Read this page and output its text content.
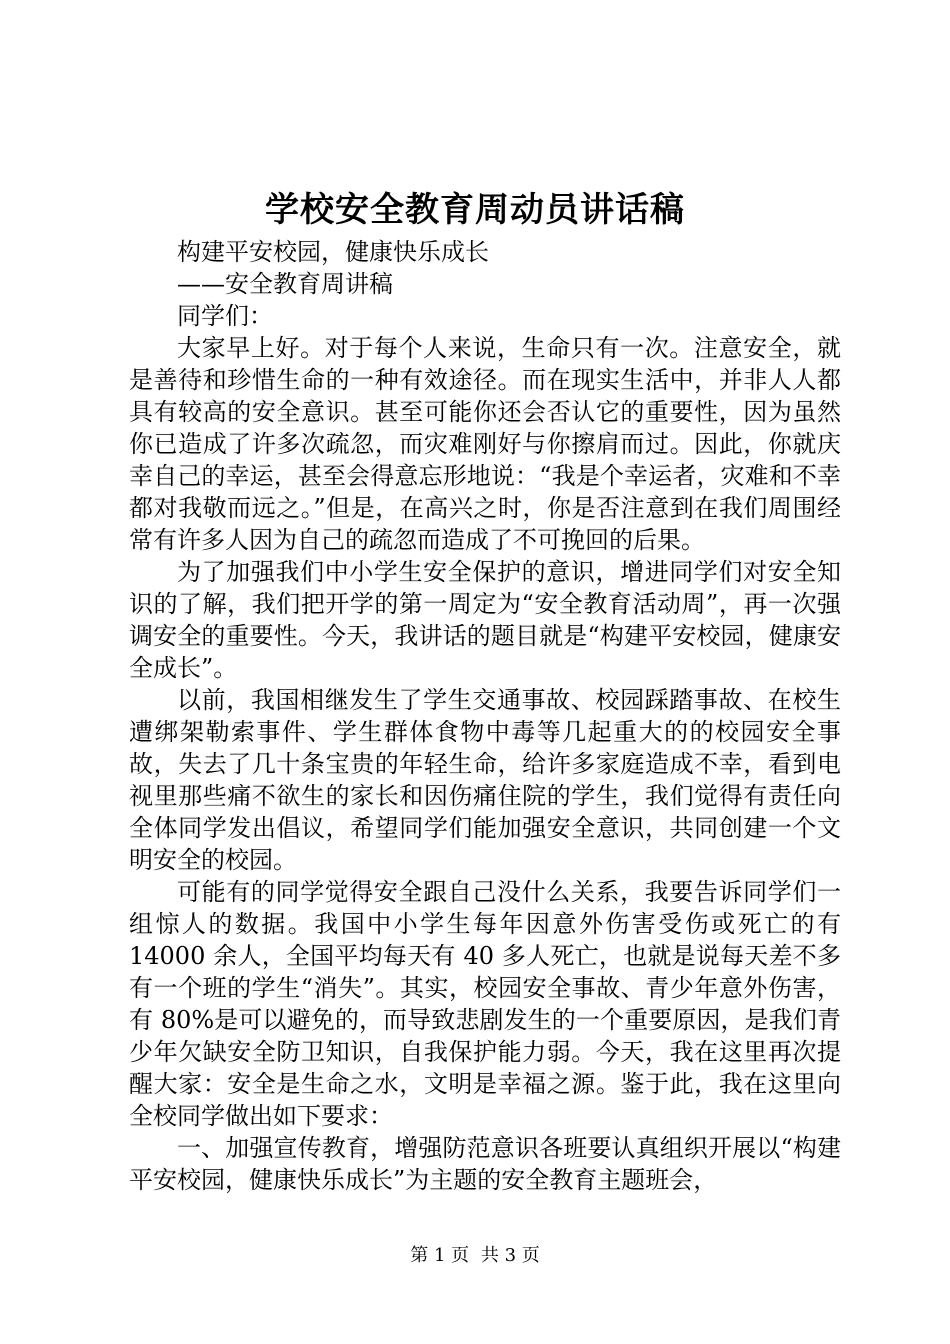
学校安全教育周动员讲话稿

构建平安校园，健康快乐成长

——安全教育周讲稿

同学们：

大家早上好。对于每个人来说，生命只有一次。注意安全，就是善待和珍惜生命的一种有效途径。而在现实生活中，并非人人都具有较高的安全意识。甚至可能你还会否认它的重要性，因为虽然你已造成了许多次疏忽，而灾难刚好与你擦肩而过。因此，你就庆幸自己的幸运，甚至会得意忘形地说：“我是个幸运者，灾难和不幸都对我敬而远之。”但是，在高兴之时，你是否注意到在我们周围经常有许多人因为自己的疏忽而造成了不可挽回的后果。

为了加强我们中小学生安全保护的意识，增进同学们对安全知识的了解，我们把开学的第一周定为“安全教育活动周”，再一次强调安全的重要性。今天，我讲话的题目就是“构建平安校园，健康安全成长”。

以前，我国相继发生了学生交通事故、校园踩踏事故、在校生遭绑架勒索事件、学生群体食物中毒等几起重大的的校园安全事故，失去了几十条宝贵的年轻生命，给许多家庭造成不幸，看到电视里那些痛不欲生的家长和因伤痛住院的学生，我们觉得有责任向全体同学发出倡议，希望同学们能加强安全意识，共同创建一个文明安全的校园。

可能有的同学觉得安全跟自己没什么关系，我要告诉同学们一组惊人的数据。我国中小学生每年因意外伤害受伤或死亡的有 14000 余人，全国平均每天有 40 多人死亡，也就是说每天差不多有一个班的学生“消失”。其实，校园安全事故、青少年意外伤害，有 80%是可以避免的，而导致悲剧发生的一个重要原因，是我们青少年欠缺安全防卫知识，自我保护能力弱。今天，我在这里再次提醒大家：安全是生命之水，文明是幸福之源。鉴于此，我在这里向全校同学做出如下要求：

一、加强宣传教育，增强防范意识各班要认真组织开展以“构建平安校园，健康快乐成长”为主题的安全教育主题班会，

第 1 页 共 3 页
